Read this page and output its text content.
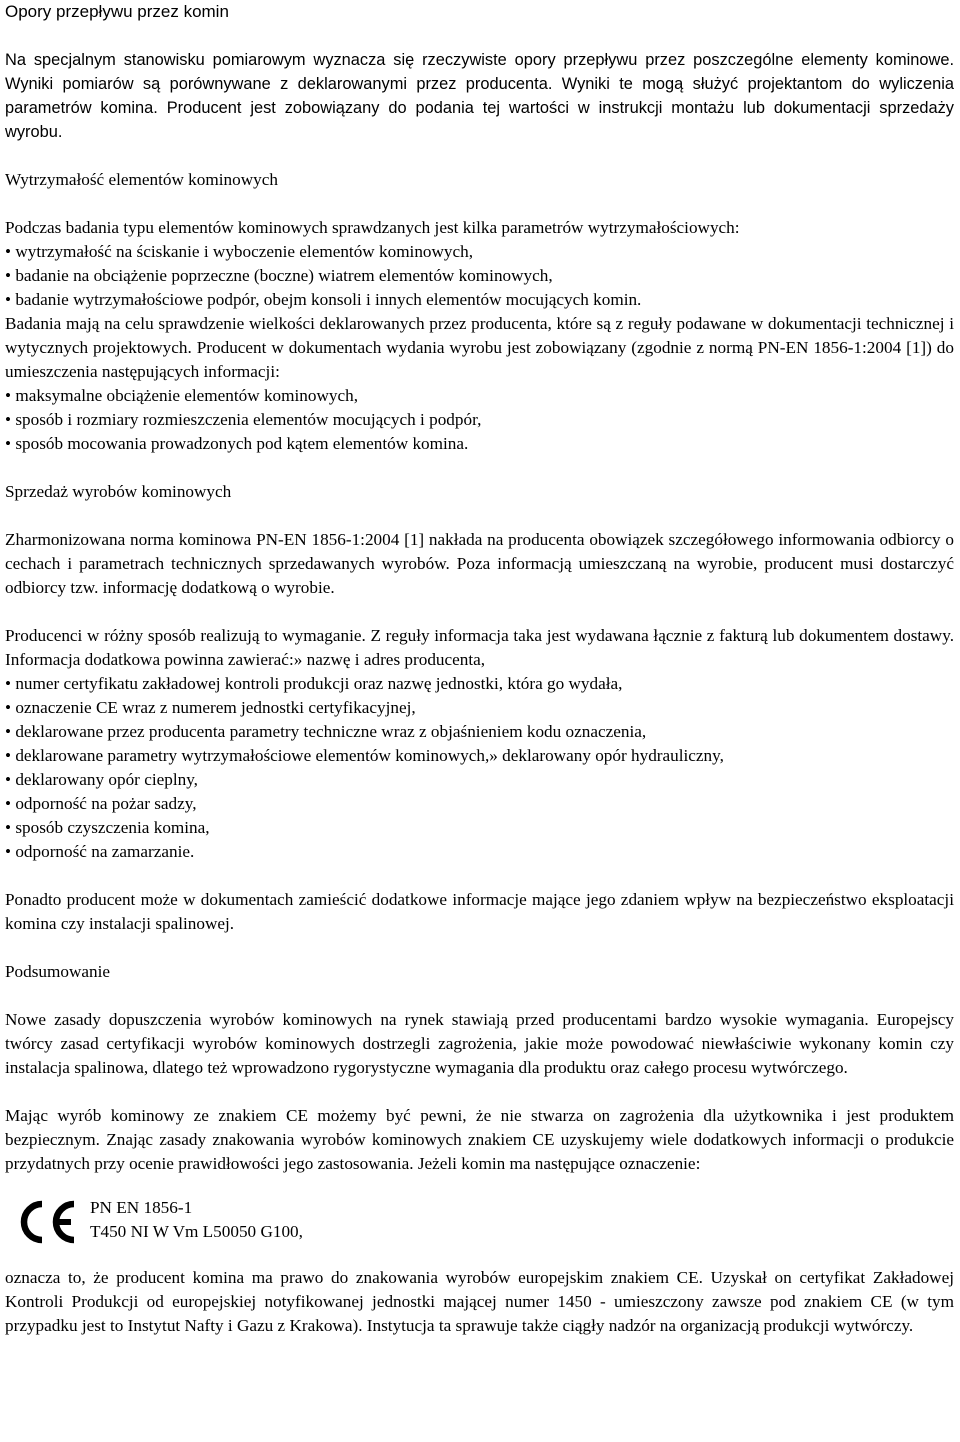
Opory przepływu przez komin

Na specjalnym stanowisku pomiarowym wyznacza się rzeczywiste opory przepływu przez poszczególne elementy kominowe. Wyniki pomiarów są porównywane z deklarowanymi przez producenta. Wyniki te mogą służyć projektantom do wyliczenia parametrów komina. Producent jest zobowiązany do podania tej wartości w instrukcji montażu lub dokumentacji sprzedaży wyrobu.

Wytrzymałość elementów kominowych

Podczas badania typu elementów kominowych sprawdzanych jest kilka parametrów wytrzymałościowych:

• wytrzymałość na ściskanie i wyboczenie elementów kominowych,
• badanie na obciążenie poprzeczne (boczne) wiatrem elementów kominowych,
• badanie wytrzymałościowe podpór, obejm konsoli i innych elementów mocujących komin.

Badania mają na celu sprawdzenie wielkości deklarowanych przez producenta, które są z reguły podawane w dokumentacji technicznej i wytycznych projektowych. Producent w dokumentach wydania wyrobu jest zobowiązany (zgodnie z normą PN-EN 1856-1:2004 [1]) do umieszczenia następujących informacji:

• maksymalne obciążenie elementów kominowych,
• sposób i rozmiary rozmieszczenia elementów mocujących i podpór,
• sposób mocowania prowadzonych pod kątem elementów komina.
Sprzedaż wyrobów kominowych

Zharmonizowana norma kominowa PN-EN 1856-1:2004 [1] nakłada na producenta obowiązek szczegółowego informowania odbiorcy o cechach i parametrach technicznych sprzedawanych wyrobów. Poza informacją umieszczaną na wyrobie, producent musi dostarczyć odbiorcy tzw. informację dodatkową o wyrobie.

Producenci w różny sposób realizują to wymaganie. Z reguły informacja taka jest wydawana łącznie z fakturą lub dokumentem dostawy. Informacja dodatkowa powinna zawierać:» nazwę i adres producenta,

• numer certyfikatu zakładowej kontroli produkcji oraz nazwę jednostki, która go wydała,
• oznaczenie CE wraz z numerem jednostki certyfikacyjnej,
• deklarowane przez producenta parametry techniczne wraz z objaśnieniem kodu oznaczenia,
• deklarowane parametry wytrzymałościowe elementów kominowych,» deklarowany opór hydrauliczny,
• deklarowany opór cieplny,
• odporność na pożar sadzy,
• sposób czyszczenia komina,
• odporność na zamarzanie.

Ponadto producent może w dokumentach zamieścić dodatkowe informacje mające jego zdaniem wpływ na bezpieczeństwo eksploatacji komina czy instalacji spalinowej.

Podsumowanie

Nowe zasady dopuszczenia wyrobów kominowych na rynek stawiają przed producentami bardzo wysokie wymagania. Europejscy twórcy zasad certyfikacji wyrobów kominowych dostrzegli zagrożenia, jakie może powodować niewłaściwie wykonany komin czy instalacja spalinowa, dlatego też wprowadzono rygorystyczne wymagania dla produktu oraz całego procesu wytwórczego.

Mając wyrób kominowy ze znakiem CE możemy być pewni, że nie stwarza on zagrożenia dla użytkownika i jest produktem bezpiecznym. Znając zasady znakowania wyrobów kominowych znakiem CE uzyskujemy wiele dodatkowych informacji o produkcie przydatnych przy ocenie prawidłowości jego zastosowania. Jeżeli komin ma następujące oznaczenie:

PN EN 1856-1
T450 NI W Vm L50050 G100,

oznacza to, że producent komina ma prawo do znakowania wyrobów europejskim znakiem CE. Uzyskał on certyfikat Zakładowej Kontroli Produkcji od europejskiej notyfikowanej jednostki mającej numer 1450 - umieszczony zawsze pod znakiem CE (w tym przypadku jest to Instytut Nafty i Gazu z Krakowa). Instytucja ta sprawuje także ciągły nadzór na organizacją produkcji wytwórczy.
